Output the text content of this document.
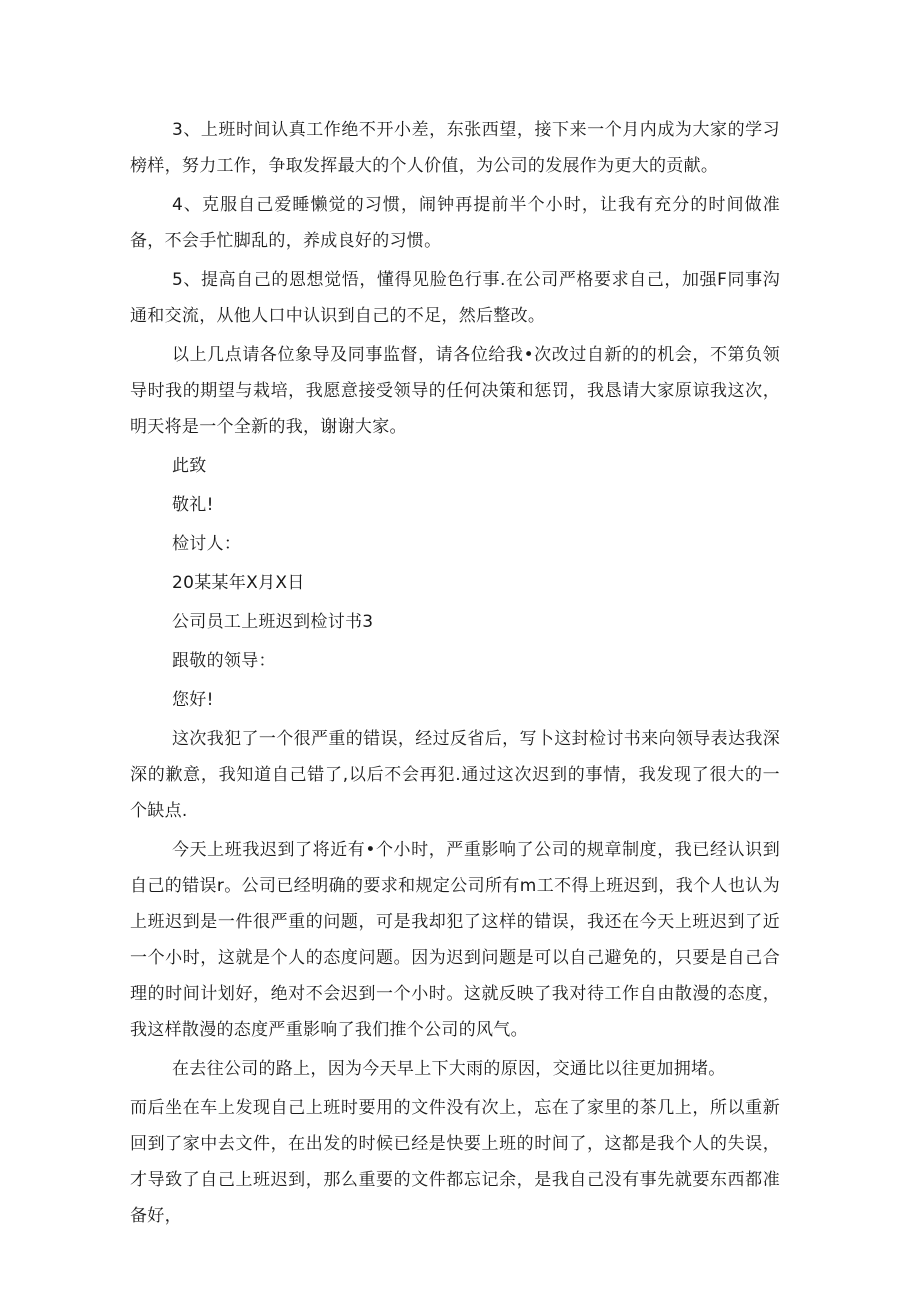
3、上班时间认真工作绝不开小差，东张西望，接下来一个月内成为大家的学习榜样，努力工作，争取发挥最大的个人价值，为公司的发展作为更大的贡献。

4、克服自己爱睡懒觉的习惯，闹钟再提前半个小时，让我有充分的时间做准备，不会手忙脚乱的，养成良好的习惯。

5、提高自己的恩想觉悟，懂得见脸色行事.在公司严格要求自己，加强F同事沟通和交流，从他人口中认识到自己的不足，然后整改。

以上几点请各位象导及同事监督，请各位给我•次改过自新的的机会，不第负领导时我的期望与栽培，我愿意接受领导的任何决策和惩罚，我恳请大家原谅我这次，明天将是一个全新的我，谢谢大家。

此致

敬礼!

检讨人：

20某某年X月X日

公司员工上班迟到检讨书3

跟敬的领导：

您好!

这次我犯了一个很严重的错误，经过反省后，写卜这封检讨书来向领导表达我深深的歉意，我知道自己错了,以后不会再犯.通过这次迟到的事情，我发现了很大的一个缺点.

今天上班我迟到了将近有•个小时，严重影响了公司的规章制度，我已经认识到自己的错误r。公司已经明确的要求和规定公司所有m工不得上班迟到，我个人也认为上班迟到是一件很严重的问题，可是我却犯了这样的错误，我还在今天上班迟到了近一个小时，这就是个人的态度问题。因为迟到问题是可以自己避免的，只要是自己合理的时间计划好，绝对不会迟到一个小时。这就反映了我对待工作自由散漫的态度，我这样散漫的态度严重影响了我们推个公司的风气。

在去往公司的路上，因为今天早上下大雨的原因，交通比以往更加拥堵。

而后坐在车上发现自己上班时要用的文件没有次上，忘在了家里的茶几上，所以重新回到了家中去文件，在出发的时候已经是快要上班的时间了，这都是我个人的失误，才导致了自己上班迟到，那么重要的文件都忘记余，是我自己没有事先就要东西都准备好，
